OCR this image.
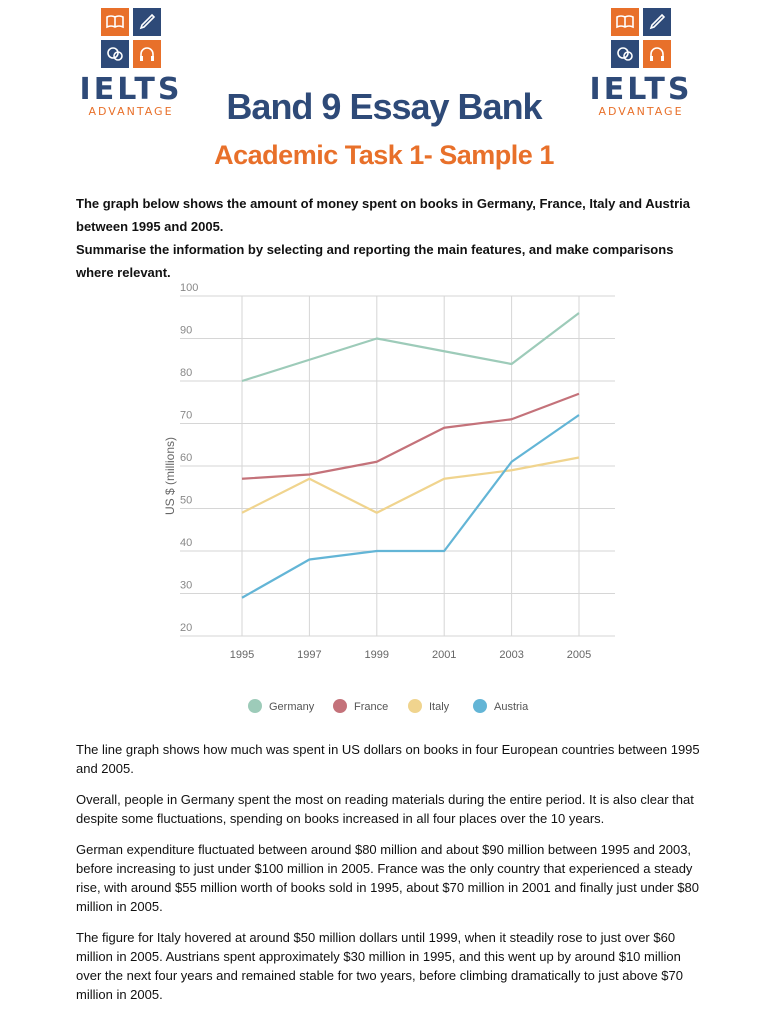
IELTS
ADVANTAGE
IELTS
ADVANTAGE
Band 9 Essay Bank
Academic Task 1- Sample 1

The graph below shows the amount of money spent on books in Germany, France, Italy and Austria between 1995 and 2005.

Summarise the information by selecting and reporting the main features, and make comparisons where relevant.

20
30
40
50
60
70
80
90
100
1995	1997	1999	2001	2003	2005
US $ (millions)
Germany	France	Italy	Austria

The line graph shows how much was spent in US dollars on books in four European countries between 1995 and 2005.

Overall, people in Germany spent the most on reading materials during the entire period. It is also clear that despite some fluctuations, spending on books increased in all four places over the 10 years.

German expenditure fluctuated between around $80 million and about $90 million between 1995 and 2003, before increasing to just under $100 million in 2005. France was the only country that experienced a steady rise, with around $55 million worth of books sold in 1995, about $70 million in 2001 and finally just under $80 million in 2005.

The figure for Italy hovered at around $50 million dollars until 1999, when it steadily rose to just over $60 million in 2005. Austrians spent approximately $30 million in 1995, and this went up by around $10 million over the next four years and remained stable for two years, before climbing dramatically to just above $70 million in 2005.
